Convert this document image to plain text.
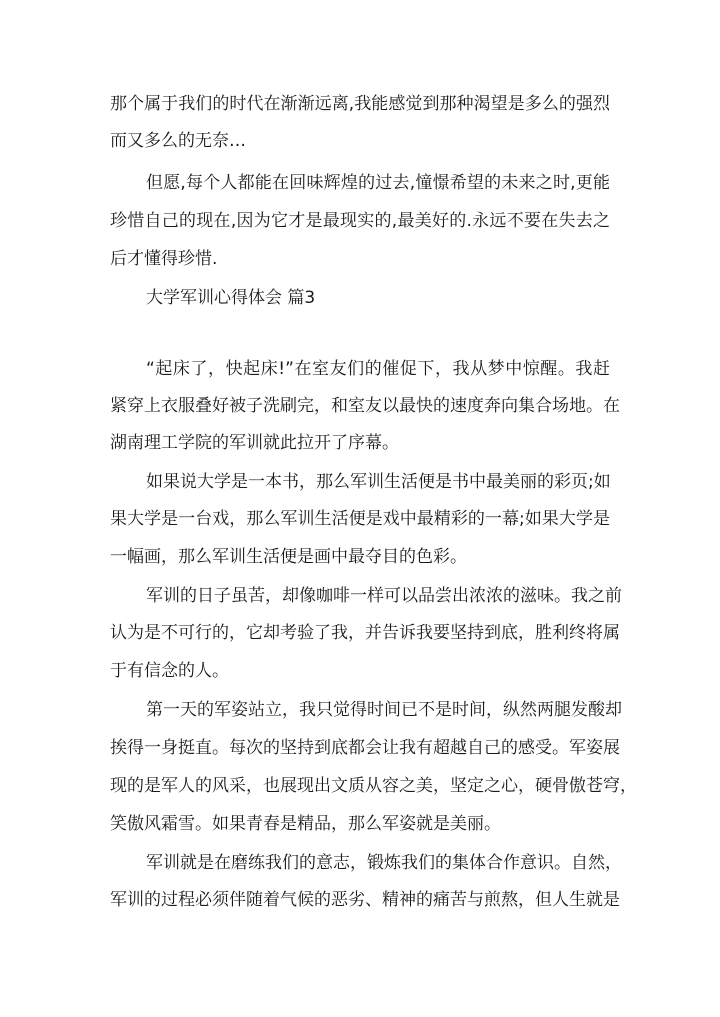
那个属于我们的时代在渐渐远离,我能感觉到那种渴望是多么的强烈
而又多么的无奈…
但愿,每个人都能在回味辉煌的过去,憧憬希望的未来之时,更能
珍惜自己的现在,因为它才是最现实的,最美好的.永远不要在失去之
后才懂得珍惜.
大学军训心得体会 篇3
“起床了，快起床!”在室友们的催促下，我从梦中惊醒。我赶
紧穿上衣服叠好被子洗刷完，和室友以最快的速度奔向集合场地。在
湖南理工学院的军训就此拉开了序幕。
如果说大学是一本书，那么军训生活便是书中最美丽的彩页;如
果大学是一台戏，那么军训生活便是戏中最精彩的一幕;如果大学是
一幅画，那么军训生活便是画中最夺目的色彩。
军训的日子虽苦，却像咖啡一样可以品尝出浓浓的滋味。我之前
认为是不可行的，它却考验了我，并告诉我要坚持到底，胜利终将属
于有信念的人。
第一天的军姿站立，我只觉得时间已不是时间，纵然两腿发酸却
挨得一身挺直。每次的坚持到底都会让我有超越自己的感受。军姿展
现的是军人的风采，也展现出文质从容之美，坚定之心，硬骨傲苍穹，
笑傲风霜雪。如果青春是精品，那么军姿就是美丽。
军训就是在磨练我们的意志，锻炼我们的集体合作意识。自然，
军训的过程必须伴随着气候的恶劣、精神的痛苦与煎熬，但人生就是
